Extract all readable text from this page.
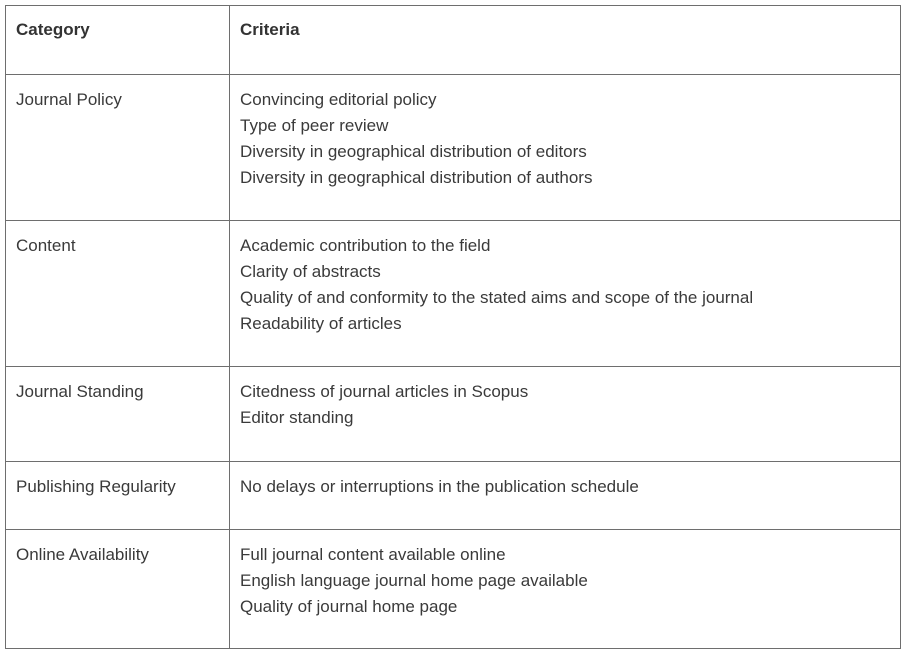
Category	Criteria

Journal Policy	Convincing editorial policy
Type of peer review
Diversity in geographical distribution of editors
Diversity in geographical distribution of authors

Content	Academic contribution to the field
Clarity of abstracts
Quality of and conformity to the stated aims and scope of the journal
Readability of articles

Journal Standing	Citedness of journal articles in Scopus
Editor standing

Publishing Regularity	No delays or interruptions in the publication schedule

Online Availability	Full journal content available online
English language journal home page available
Quality of journal home page
